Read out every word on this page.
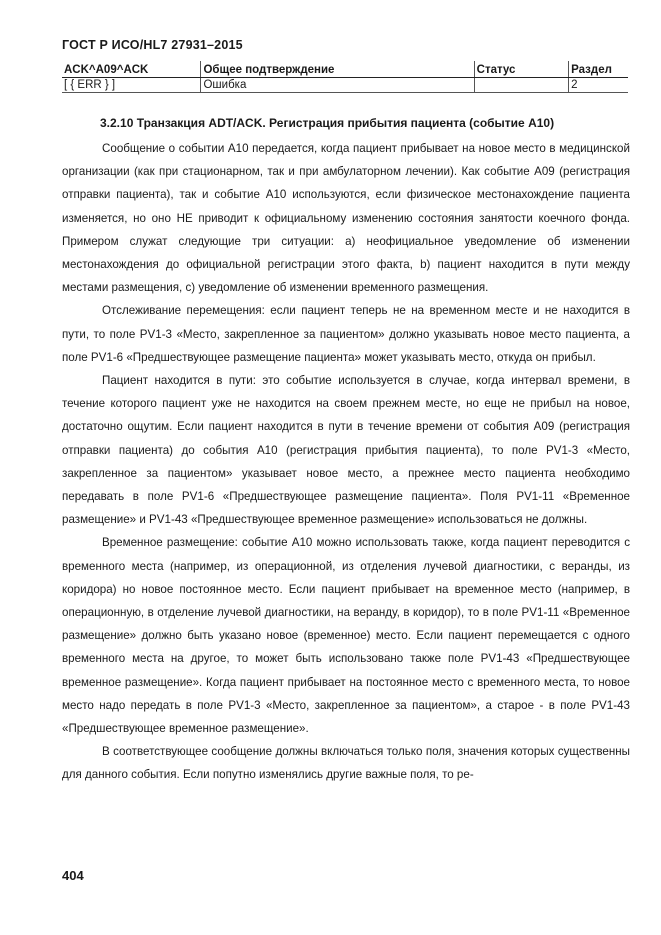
ГОСТ Р ИСО/HL7 27931–2015
ACK^A09^ACK	Общее подтверждение	Статус	Раздел
[ { ERR } ]	Ошибка		2
3.2.10 Транзакция ADT/ACK. Регистрация прибытия пациента (событие A10)

Сообщение о событии A10 передается, когда пациент прибывает на новое место в медицинской организации (как при стационарном, так и при амбулаторном лечении). Как событие A09 (регистрация отправки пациента), так и событие A10 используются, если физическое местонахождение пациента изменяется, но оно НЕ приводит к официальному изменению состояния занятости коечного фонда. Примером служат следующие три ситуации: а) неофициальное уведомление об изменении местонахождения до официальной регистрации этого факта, b) пациент находится в пути между местами размещения, с) уведомление об изменении временного размещения.

Отслеживание перемещения: если пациент теперь не на временном месте и не находится в пути, то поле PV1-3 «Место, закрепленное за пациентом» должно указывать новое место пациента, а поле PV1-6 «Предшествующее размещение пациента» может указывать место, откуда он прибыл.

Пациент находится в пути: это событие используется в случае, когда интервал времени, в течение которого пациент уже не находится на своем прежнем месте, но еще не прибыл на новое, достаточно ощутим. Если пациент находится в пути в течение времени от события A09 (регистрация отправки пациента) до события A10 (регистрация прибытия пациента), то поле PV1-3 «Место, закрепленное за пациентом» указывает новое место, а прежнее место пациента необходимо передавать в поле PV1-6 «Предшествующее размещение пациента». Поля PV1-11 «Временное размещение» и PV1-43 «Предшествующее временное размещение» использоваться не должны.

Временное размещение: событие A10 можно использовать также, когда пациент переводится с временного места (например, из операционной, из отделения лучевой диагностики, с веранды, из коридора) но новое постоянное место. Если пациент прибывает на временное место (например, в операционную, в отделение лучевой диагностики, на веранду, в коридор), то в поле PV1-11 «Временное размещение» должно быть указано новое (временное) место. Если пациент перемещается с одного временного места на другое, то может быть использовано также поле PV1-43 «Предшествующее временное размещение». Когда пациент прибывает на постоянное место с временного места, то новое место надо передать в поле PV1-3 «Место, закрепленное за пациентом», а старое - в поле PV1-43 «Предшествующее временное размещение».

В соответствующее сообщение должны включаться только поля, значения которых существенны для данного события. Если попутно изменялись другие важные поля, то ре-

404
